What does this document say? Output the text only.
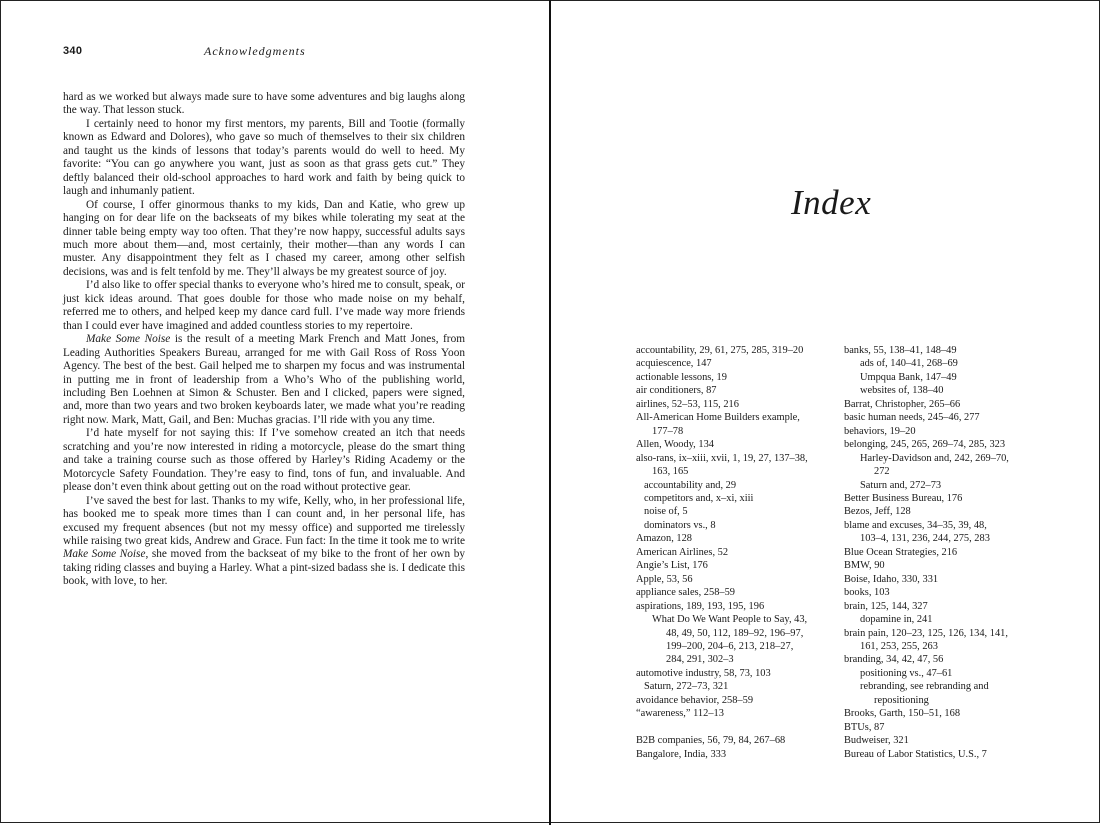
340	Acknowledgments

hard as we worked but always made sure to have some adventures and big laughs along the way. That lesson stuck.

I certainly need to honor my first mentors, my parents, Bill and Tootie (formally known as Edward and Dolores), who gave so much of themselves to their six children and taught us the kinds of lessons that today’s parents would do well to heed. My favorite: “You can go anywhere you want, just as soon as that grass gets cut.” They deftly balanced their old-school approaches to hard work and faith by being quick to laugh and inhumanly patient.

Of course, I offer ginormous thanks to my kids, Dan and Katie, who grew up hanging on for dear life on the backseats of my bikes while tolerating my seat at the dinner table being empty way too often. That they’re now happy, successful adults says much more about them—and, most certainly, their mother—than any words I can muster. Any disappointment they felt as I chased my career, among other selfish decisions, was and is felt tenfold by me. They’ll always be my greatest source of joy.

I’d also like to offer special thanks to everyone who’s hired me to consult, speak, or just kick ideas around. That goes double for those who made noise on my behalf, referred me to others, and helped keep my dance card full. I’ve made way more friends than I could ever have imagined and added countless stories to my repertoire.

Make Some Noise is the result of a meeting Mark French and Matt Jones, from Leading Authorities Speakers Bureau, arranged for me with Gail Ross of Ross Yoon Agency. The best of the best. Gail helped me to sharpen my focus and was instrumental in putting me in front of leadership from a Who’s Who of the publishing world, including Ben Loehnen at Simon & Schuster. Ben and I clicked, papers were signed, and, more than two years and two broken keyboards later, we made what you’re reading right now. Mark, Matt, Gail, and Ben: Muchas gracias. I’ll ride with you any time.

I’d hate myself for not saying this: If I’ve somehow created an itch that needs scratching and you’re now interested in riding a motorcycle, please do the smart thing and take a training course such as those offered by Harley’s Riding Academy or the Motorcycle Safety Foundation. They’re easy to find, tons of fun, and invaluable. And please don’t even think about getting out on the road without protective gear.

I’ve saved the best for last. Thanks to my wife, Kelly, who, in her professional life, has booked me to speak more times than I can count and, in her personal life, has excused my frequent absences (but not my messy office) and supported me tirelessly while raising two great kids, Andrew and Grace. Fun fact: In the time it took me to write Make Some Noise, she moved from the backseat of my bike to the front of her own by taking riding classes and buying a Harley. What a pint-sized badass she is. I dedicate this book, with love, to her.

Index
accountability, 29, 61, 275, 285, 319–20
acquiescence, 147
actionable lessons, 19
air conditioners, 87
airlines, 52–53, 115, 216
All-American Home Builders example,
177–78
Allen, Woody, 134
also-rans, ix–xiii, xvii, 1, 19, 27, 137–38,
163, 165
accountability and, 29
competitors and, x–xi, xiii
noise of, 5
dominators vs., 8
Amazon, 128
American Airlines, 52
Angie’s List, 176
Apple, 53, 56
appliance sales, 258–59
aspirations, 189, 193, 195, 196
What Do We Want People to Say, 43,
48, 49, 50, 112, 189–92, 196–97,
199–200, 204–6, 213, 218–27,
284, 291, 302–3
automotive industry, 58, 73, 103
Saturn, 272–73, 321
avoidance behavior, 258–59
“awareness,” 112–13

B2B companies, 56, 79, 84, 267–68
Bangalore, India, 333
banks, 55, 138–41, 148–49
ads of, 140–41, 268–69
Umpqua Bank, 147–49
websites of, 138–40
Barrat, Christopher, 265–66
basic human needs, 245–46, 277
behaviors, 19–20
belonging, 245, 265, 269–74, 285, 323
Harley-Davidson and, 242, 269–70,
272
Saturn and, 272–73
Better Business Bureau, 176
Bezos, Jeff, 128
blame and excuses, 34–35, 39, 48,
103–4, 131, 236, 244, 275, 283
Blue Ocean Strategies, 216
BMW, 90
Boise, Idaho, 330, 331
books, 103
brain, 125, 144, 327
dopamine in, 241
brain pain, 120–23, 125, 126, 134, 141,
161, 253, 255, 263
branding, 34, 42, 47, 56
positioning vs., 47–61
rebranding, see rebranding and
repositioning
Brooks, Garth, 150–51, 168
BTUs, 87
Budweiser, 321
Bureau of Labor Statistics, U.S., 7
